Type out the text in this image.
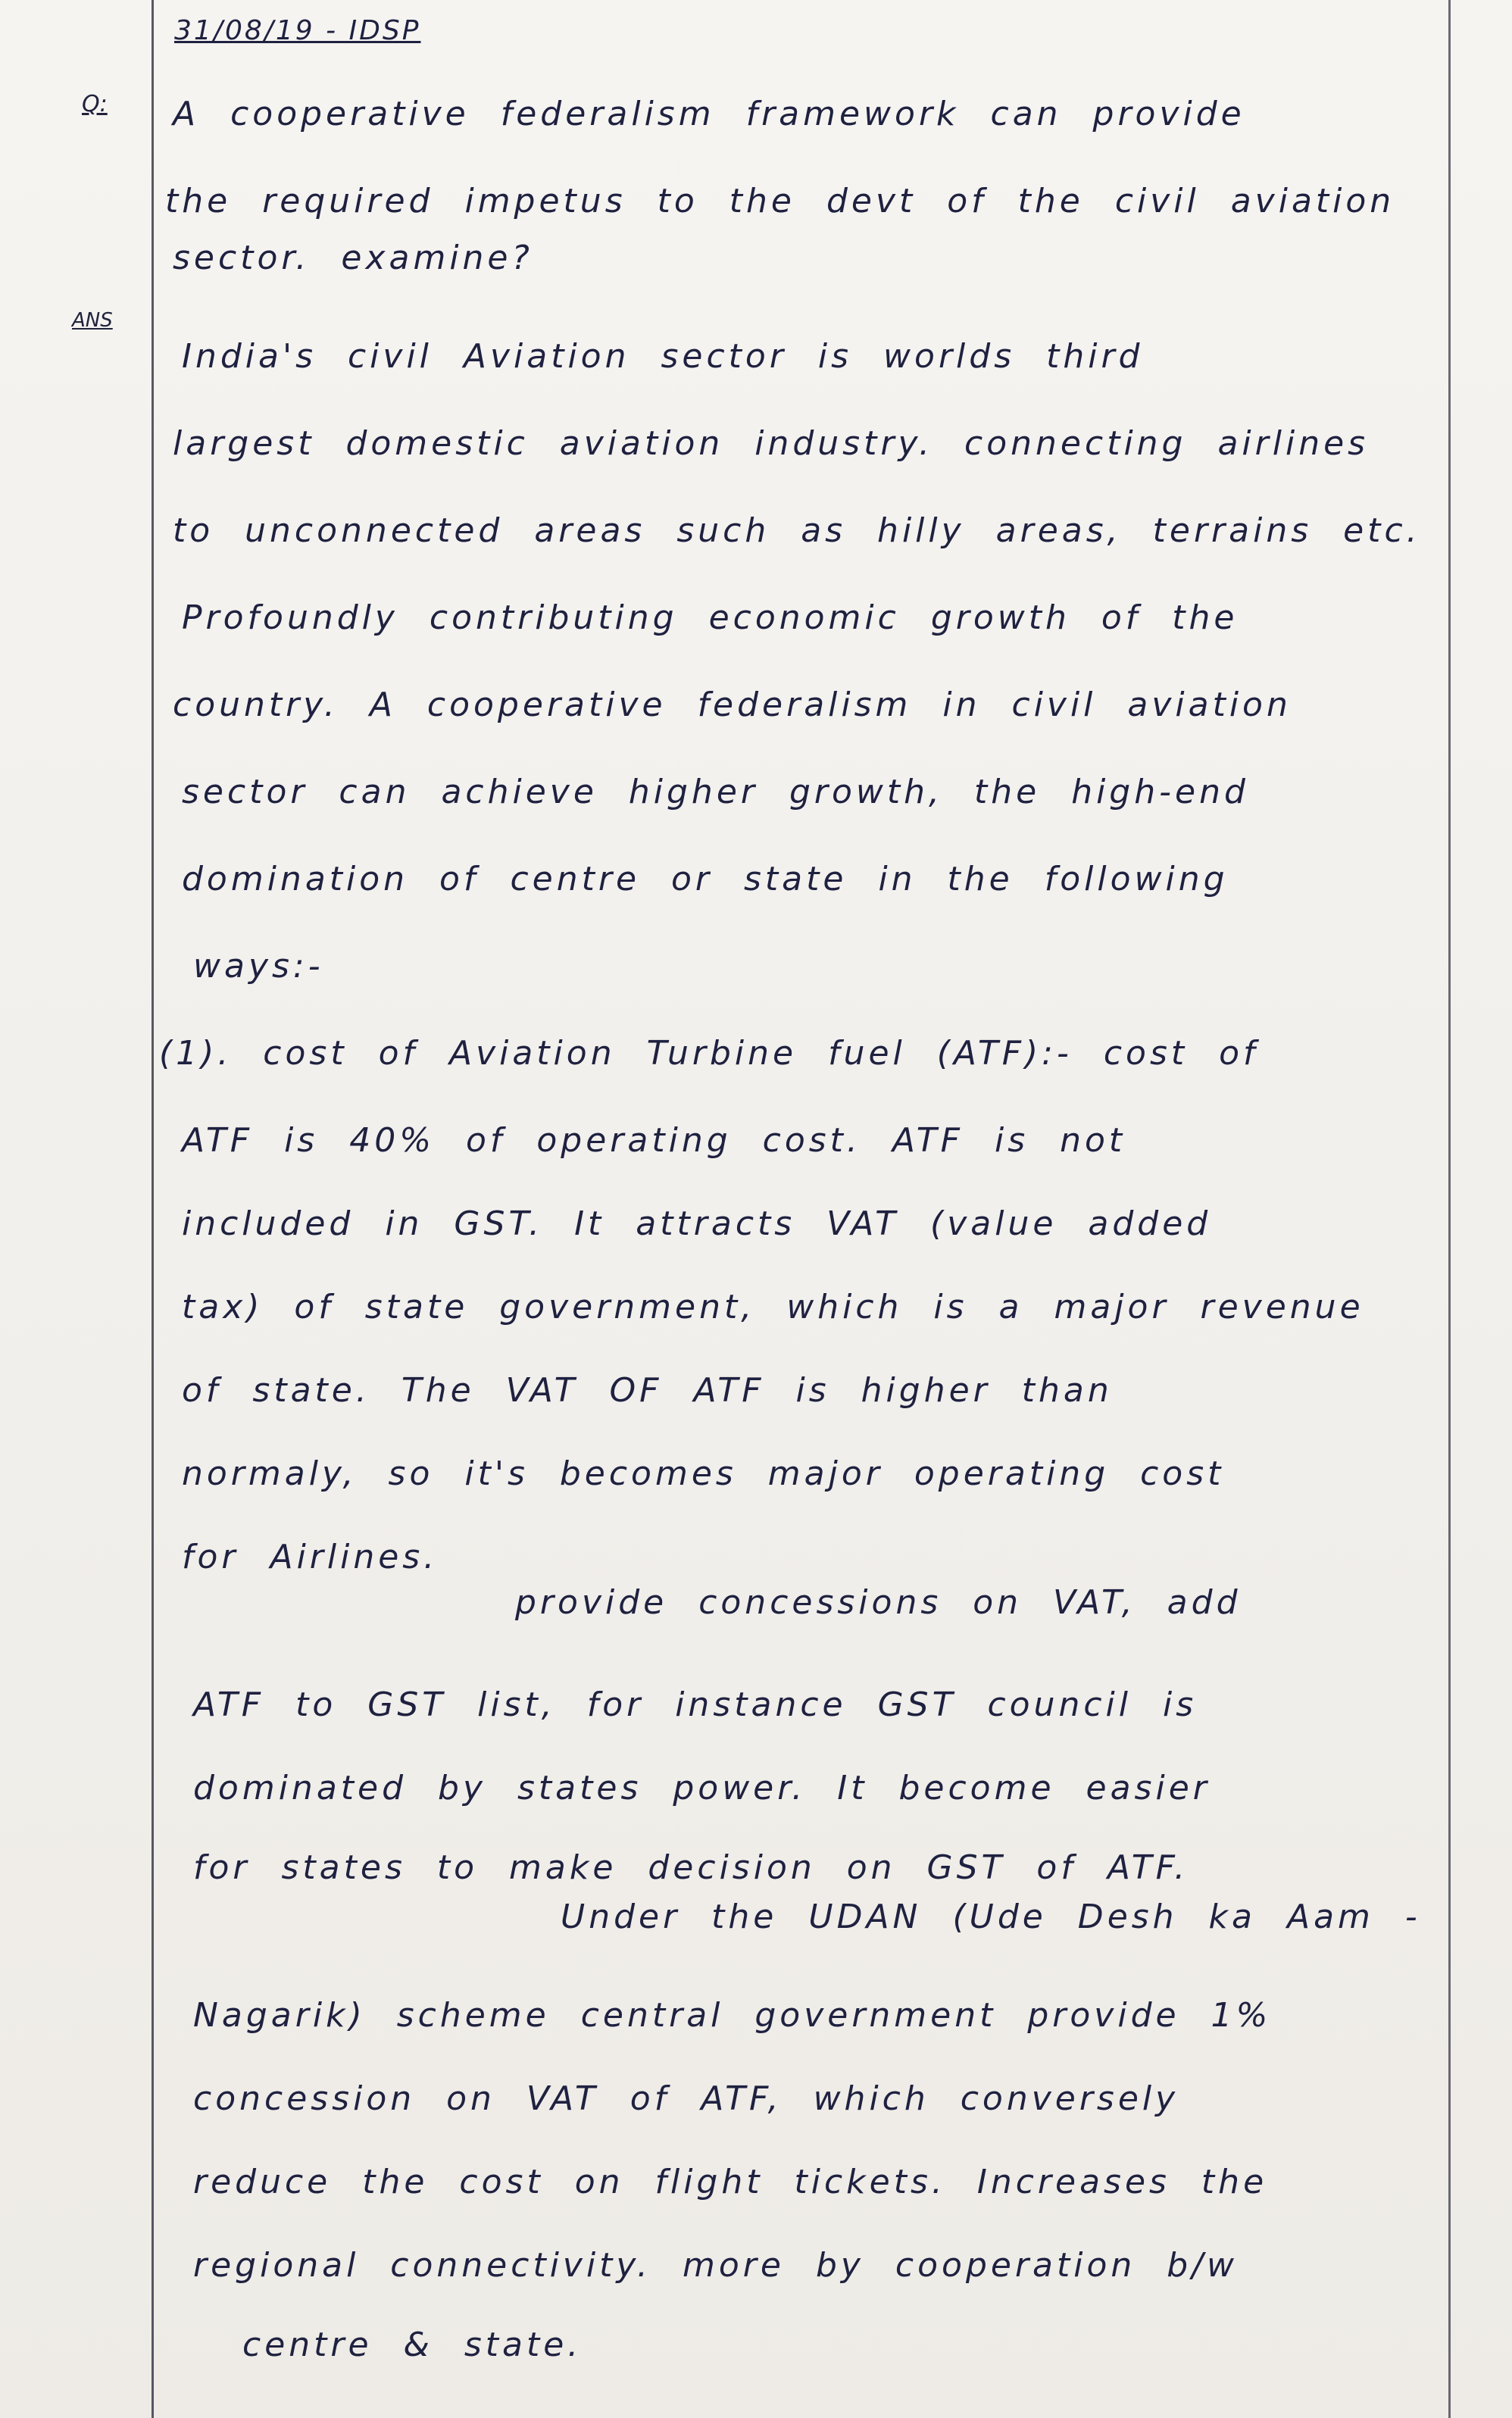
31/08/19 - IDSP
Q:
ANS
A cooperative federalism framework can provide
the required impetus to the devt of the civil aviation
sector. examine?
India's civil Aviation sector is worlds third
largest domestic aviation industry. connecting airlines
to unconnected areas such as hilly areas, terrains etc.
Profoundly contributing economic growth of the
country. A cooperative federalism in civil aviation
sector can achieve higher growth, the high-end
domination of centre or state in the following
ways:-
(1). cost of Aviation Turbine fuel (ATF):- cost of
ATF is 40% of operating cost. ATF is not
included in GST. It attracts VAT (value added
tax) of state government, which is a major revenue
of state. The VAT OF ATF is higher than
normaly, so it's becomes major operating cost
for Airlines.
provide concessions on VAT, add
ATF to GST list, for instance GST council is
dominated by states power. It become easier
for states to make decision on GST of ATF.
Under the UDAN (Ude Desh ka Aam -
Nagarik) scheme central government provide 1%
concession on VAT of ATF, which conversely
reduce the cost on flight tickets. Increases the
regional connectivity. more by cooperation b/w
centre & state.
